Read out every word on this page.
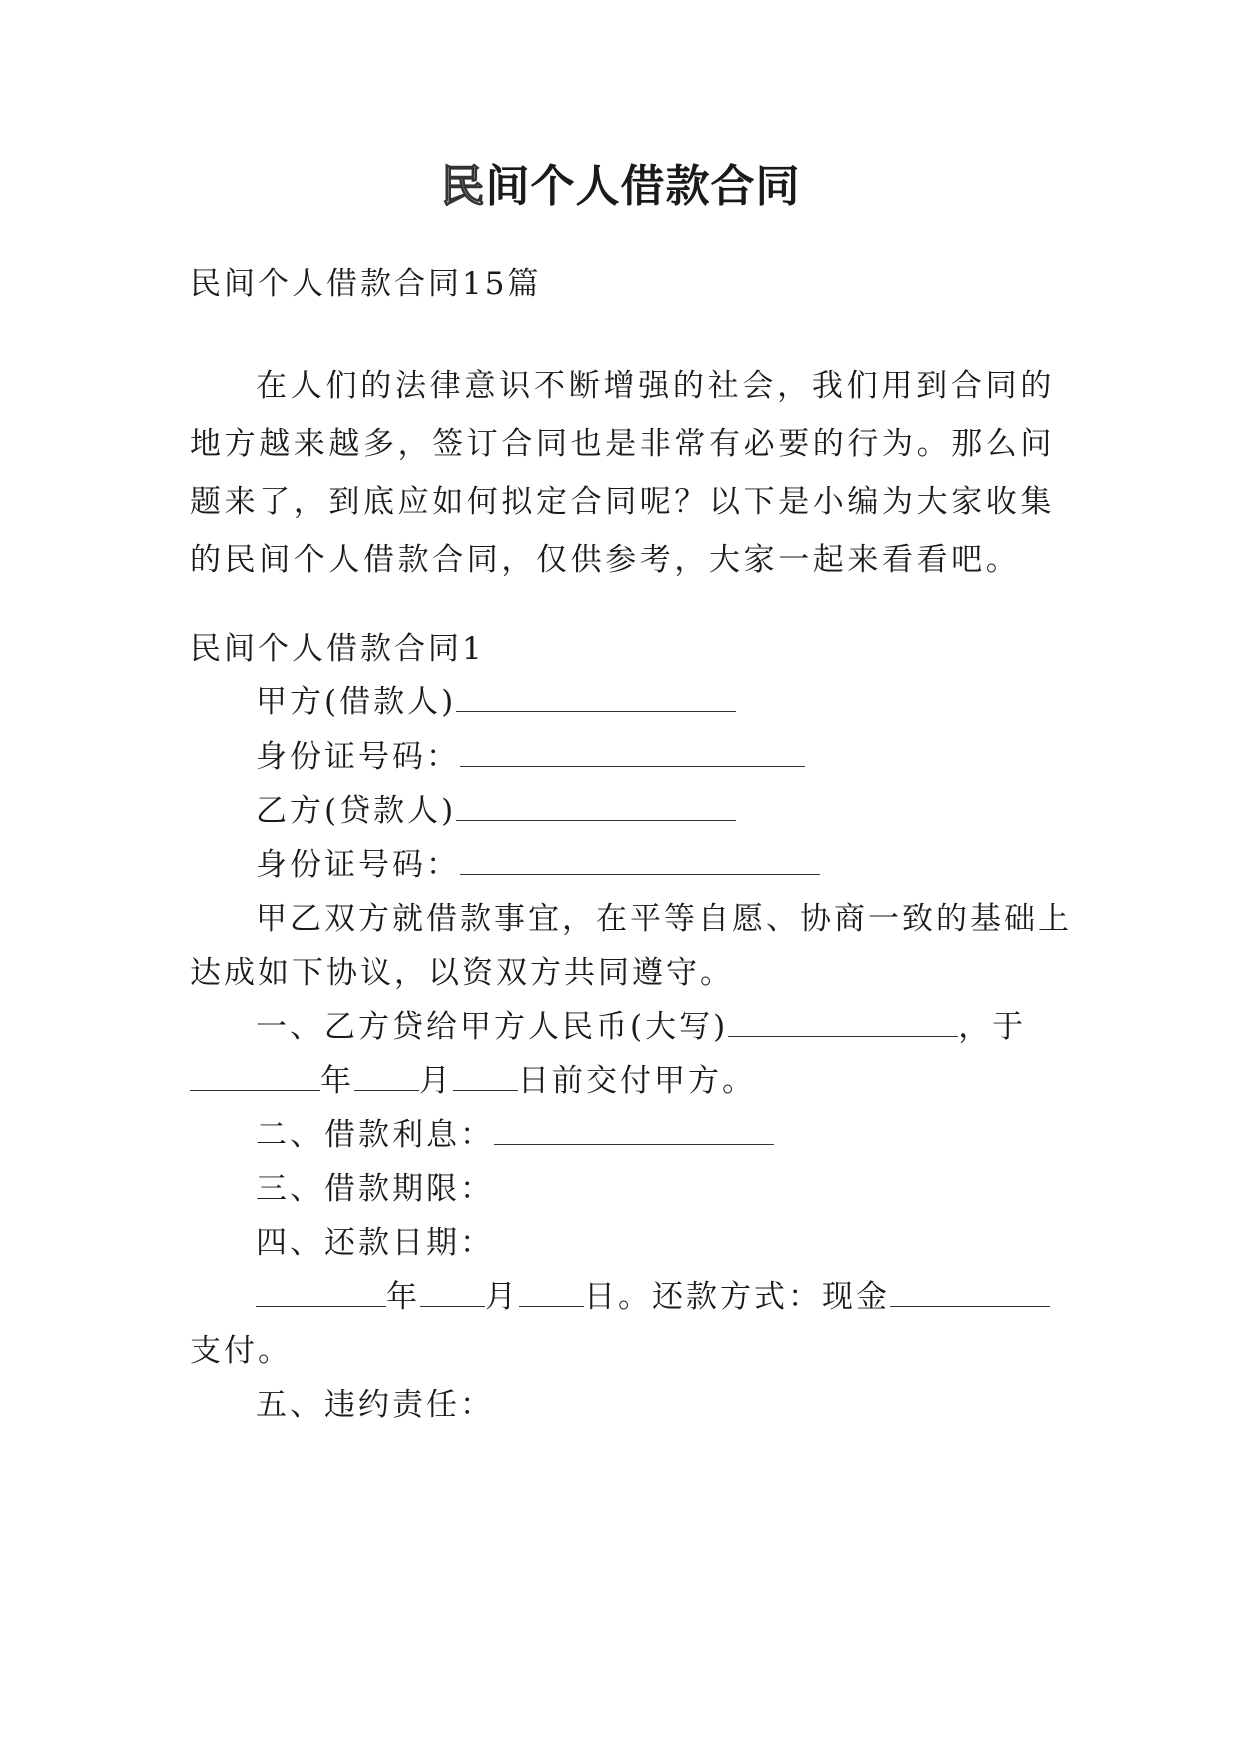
民间个人借款合同
民间个人借款合同15篇

在人们的法律意识不断增强的社会，我们用到合同的地方越来越多，签订合同也是非常有必要的行为。那么问题来了，到底应如何拟定合同呢？以下是小编为大家收集的民间个人借款合同，仅供参考，大家一起来看看吧。

民间个人借款合同1
甲方(借款人)
身份证号码：
乙方(贷款人)
身份证号码：
甲乙双方就借款事宜，在平等自愿、协商一致的基础上
达成如下协议，以资双方共同遵守。
一、乙方贷给甲方人民币(大写)	，于
年 月 日前交付甲方。
二、借款利息：
三、借款期限：
四、还款日期：
年 月 日。还款方式：现金
支付。
五、违约责任：
